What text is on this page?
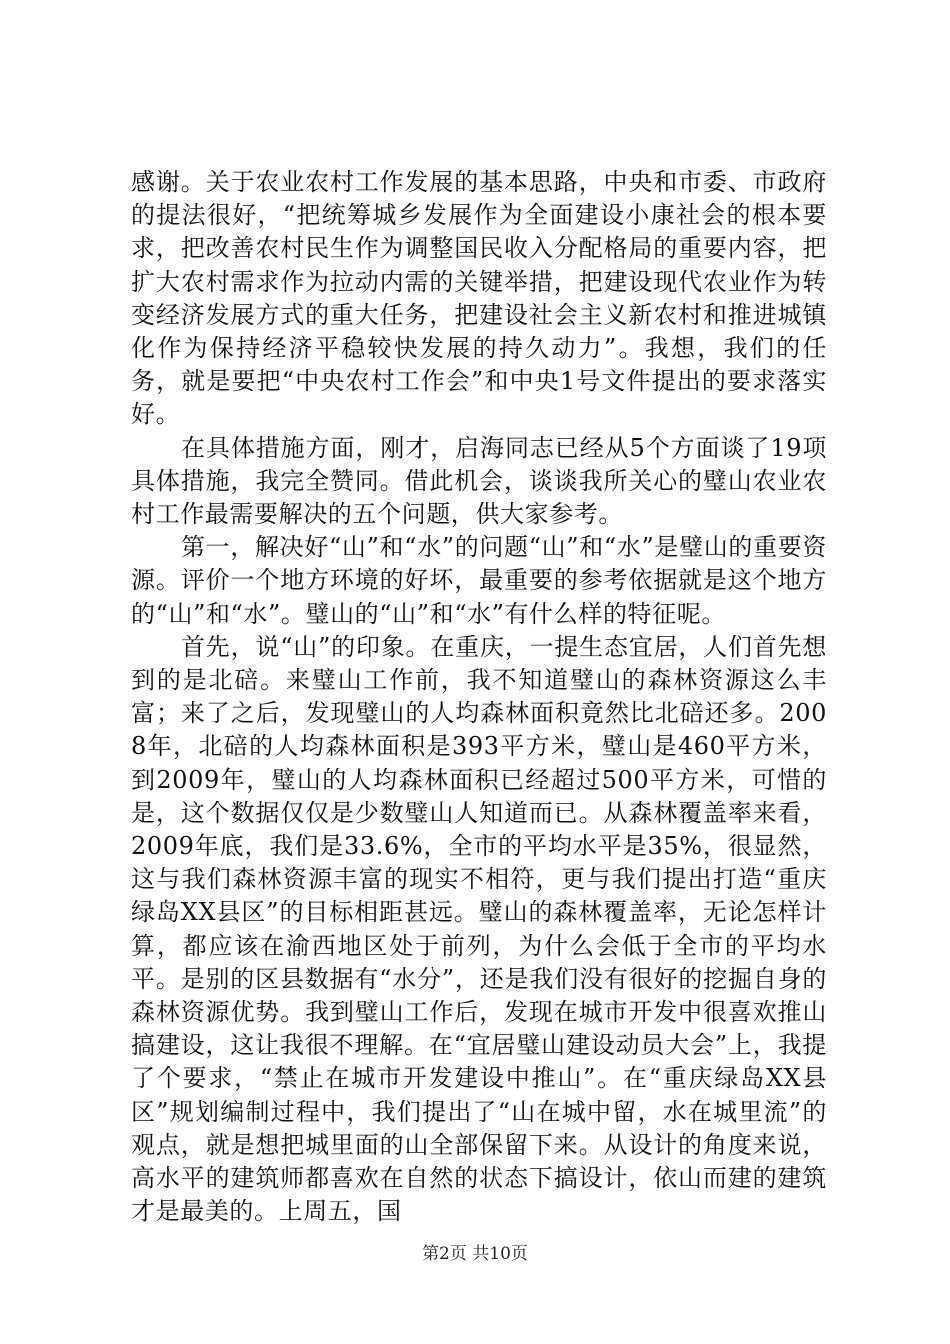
感谢。关于农业农村工作发展的基本思路，中央和市委、市政府的提法很好，“把统筹城乡发展作为全面建设小康社会的根本要求，把改善农村民生作为调整国民收入分配格局的重要内容，把扩大农村需求作为拉动内需的关键举措，把建设现代农业作为转变经济发展方式的重大任务，把建设社会主义新农村和推进城镇化作为保持经济平稳较快发展的持久动力”。我想，我们的任务，就是要把“中央农村工作会”和中央1号文件提出的要求落实好。

在具体措施方面，刚才，启海同志已经从5个方面谈了19项具体措施，我完全赞同。借此机会，谈谈我所关心的璧山农业农村工作最需要解决的五个问题，供大家参考。

第一，解决好“山”和“水”的问题“山”和“水”是璧山的重要资源。评价一个地方环境的好坏，最重要的参考依据就是这个地方的“山”和“水”。璧山的“山”和“水”有什么样的特征呢。

首先，说“山”的印象。在重庆，一提生态宜居，人们首先想到的是北碚。来璧山工作前，我不知道璧山的森林资源这么丰富；来了之后，发现璧山的人均森林面积竟然比北碚还多。2008年，北碚的人均森林面积是393平方米，璧山是460平方米，到2009年，璧山的人均森林面积已经超过500平方米，可惜的是，这个数据仅仅是少数璧山人知道而已。从森林覆盖率来看，2009年底，我们是33.6%，全市的平均水平是35%，很显然，这与我们森林资源丰富的现实不相符，更与我们提出打造“重庆绿岛XX县区”的目标相距甚远。璧山的森林覆盖率，无论怎样计算，都应该在渝西地区处于前列，为什么会低于全市的平均水平。是别的区县数据有“水分”，还是我们没有很好的挖掘自身的森林资源优势。我到璧山工作后，发现在城市开发中很喜欢推山搞建设，这让我很不理解。在“宜居璧山建设动员大会”上，我提了个要求，“禁止在城市开发建设中推山”。在“重庆绿岛XX县区”规划编制过程中，我们提出了“山在城中留，水在城里流”的观点，就是想把城里面的山全部保留下来。从设计的角度来说，高水平的建筑师都喜欢在自然的状态下搞设计，依山而建的建筑才是最美的。上周五，国

第2页 共10页
